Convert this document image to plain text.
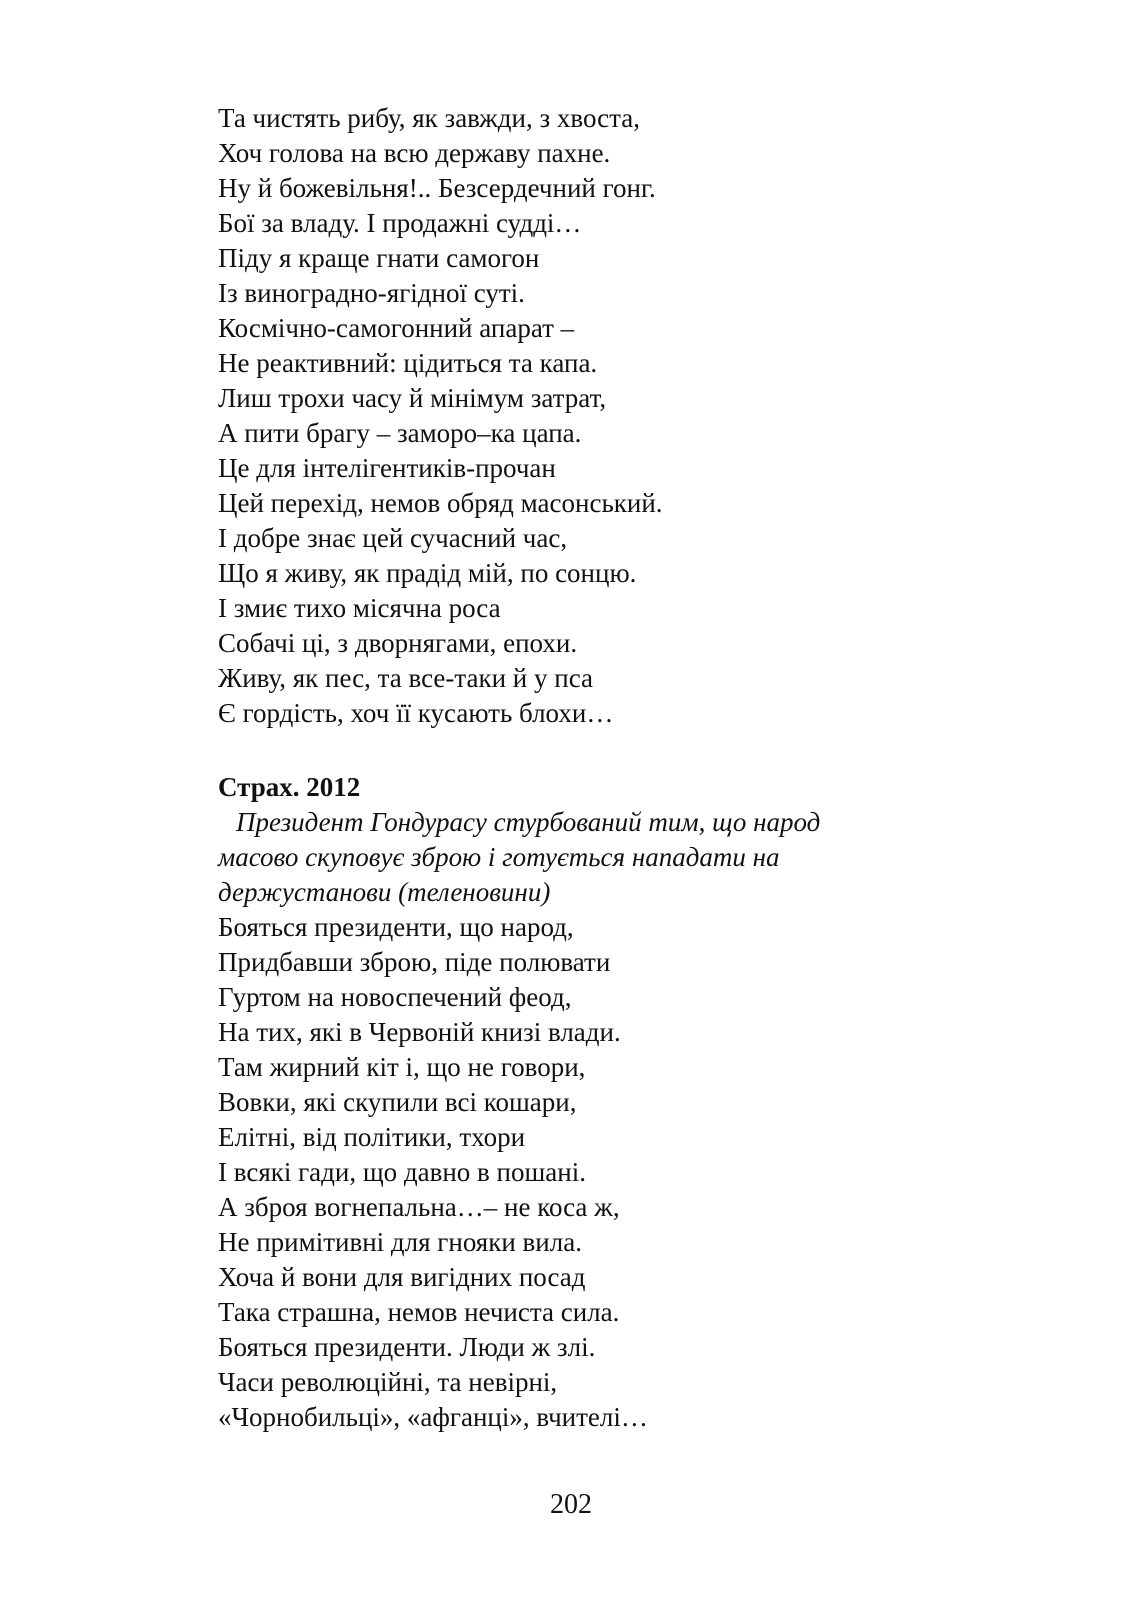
Та чистять рибу, як завжди, з хвоста,
Хоч голова на всю державу пахне.
Ну й божевільня!.. Безсердечний гонг.
Бої за владу. І продажні судді…
Піду я краще гнати самогон
Із виноградно-ягідної суті.
Космічно-самогонний апарат –
Не реактивний: цідиться та капа.
Лиш трохи часу й мінімум затрат,
А пити брагу – заморо–ка цапа.
Це для інтелігентиків-прочан
Цей перехід, немов обряд масонський.
І добре знає цей сучасний час,
Що я живу, як прадід мій, по сонцю.
І змиє тихо місячна роса
Собачі ці, з дворнягами, епохи.
Живу, як пес, та все-таки й у пса
Є гордість, хоч її кусають блохи…
Страх. 2012
Президент Гондурасу стурбований тим, що народ
масово скуповує зброю і готується нападати на
держустанови (теленовини)
Бояться президенти, що народ,
Придбавши зброю, піде полювати
Гуртом на новоспечений феод,
На тих, які в Червоній книзі влади.
Там жирний кіт і, що не говори,
Вовки, які скупили всі кошари,
Елітні, від політики, тхори
І всякі гади, що давно в пошані.
А зброя вогнепальна…– не коса ж,
Не примітивні для гнояки вила.
Хоча й вони для вигідних посад
Така страшна, немов нечиста сила.
Бояться президенти. Люди ж злі.
Часи революційні, та невірні,
«Чорнобильці», «афганці», вчителі…
202
